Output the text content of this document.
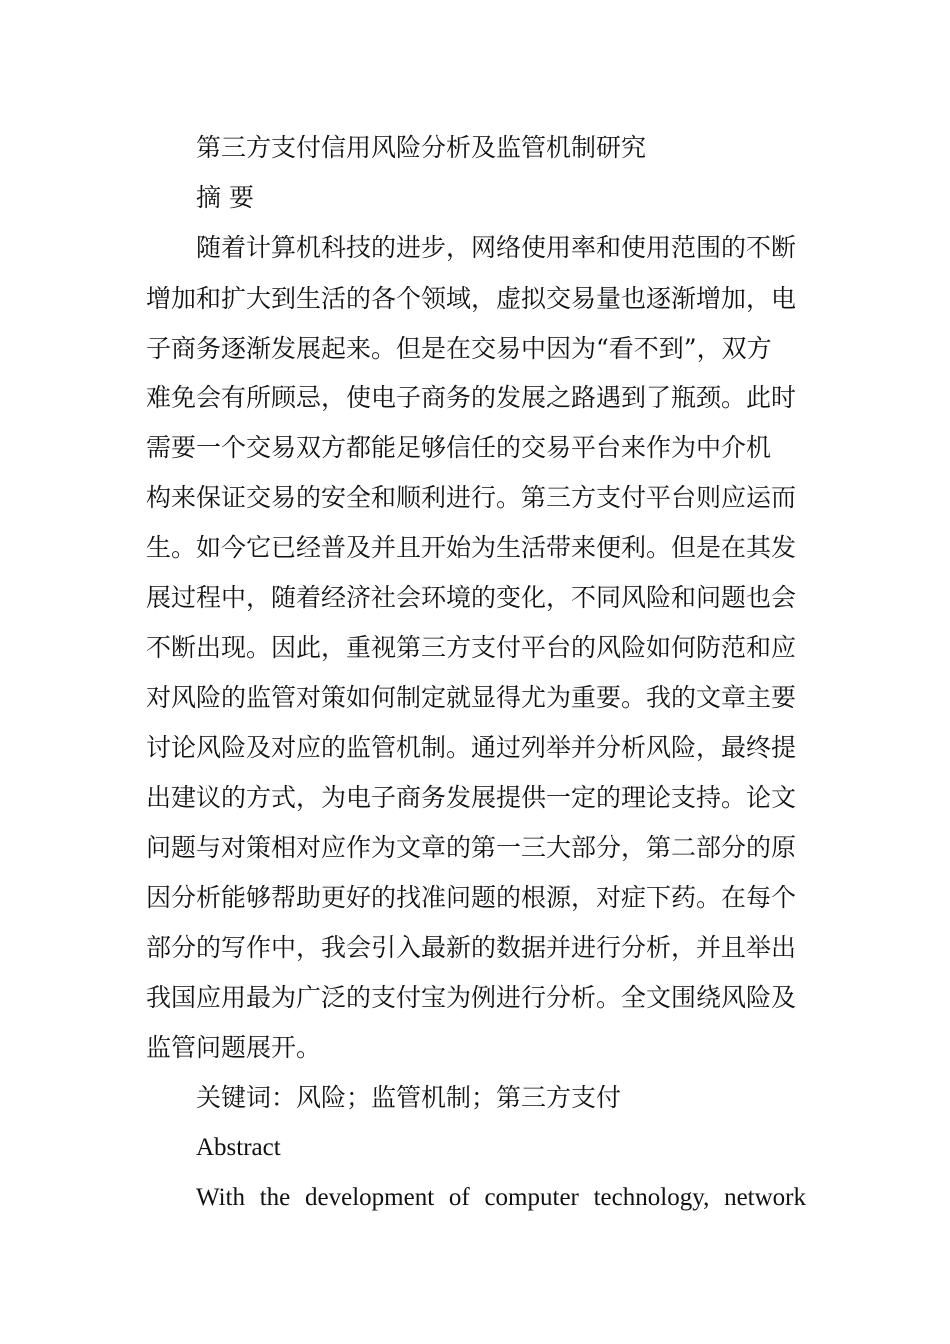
第三方支付信用风险分析及监管机制研究
摘 要
随着计算机科技的进步，网络使用率和使用范围的不断
增加和扩大到生活的各个领域，虚拟交易量也逐渐增加，电
子商务逐渐发展起来。但是在交易中因为“看不到”，双方
难免会有所顾忌，使电子商务的发展之路遇到了瓶颈。此时
需要一个交易双方都能足够信任的交易平台来作为中介机
构来保证交易的安全和顺利进行。第三方支付平台则应运而
生。如今它已经普及并且开始为生活带来便利。但是在其发
展过程中，随着经济社会环境的变化，不同风险和问题也会
不断出现。因此，重视第三方支付平台的风险如何防范和应
对风险的监管对策如何制定就显得尤为重要。我的文章主要
讨论风险及对应的监管机制。通过列举并分析风险，最终提
出建议的方式，为电子商务发展提供一定的理论支持。论文
问题与对策相对应作为文章的第一三大部分，第二部分的原
因分析能够帮助更好的找准问题的根源，对症下药。在每个
部分的写作中，我会引入最新的数据并进行分析，并且举出
我国应用最为广泛的支付宝为例进行分析。全文围绕风险及
监管问题展开。
关键词：风险；监管机制；第三方支付
Abstract
With the development of computer technology, network
